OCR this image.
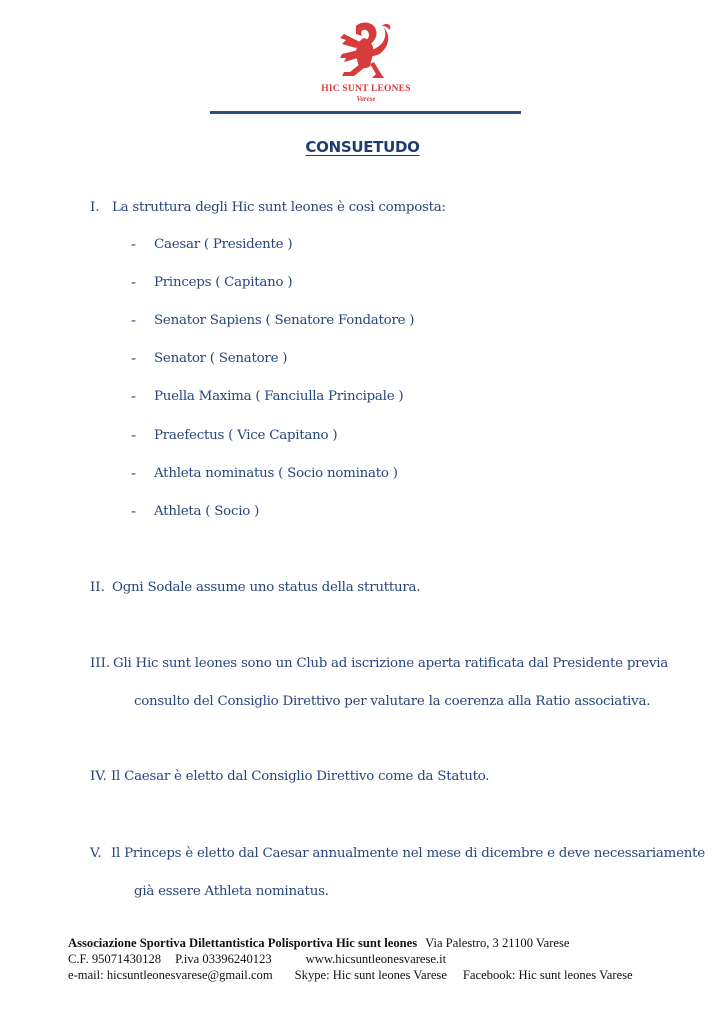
HIC SUNT LEONES
Varese
CONSUETUDO
I. La struttura degli Hic sunt leones è così composta:
- Caesar ( Presidente )
- Princeps ( Capitano )
- Senator Sapiens ( Senatore Fondatore )
- Senator ( Senatore )
- Puella Maxima ( Fanciulla Principale )
- Praefectus ( Vice Capitano )
- Athleta nominatus ( Socio nominato )
- Athleta ( Socio )
II. Ogni Sodale assume uno status della struttura.
III. Gli Hic sunt leones sono un Club ad iscrizione aperta ratificata dal Presidente previa
consulto del Consiglio Direttivo per valutare la coerenza alla Ratio associativa.
IV. Il Caesar è eletto dal Consiglio Direttivo come da Statuto.
V. Il Princeps è eletto dal Caesar annualmente nel mese di dicembre e deve necessariamente
già essere Athleta nominatus.
Associazione Sportiva Dilettantistica Polisportiva Hic sunt leones Via Palestro, 3 21100 Varese
C.F. 95071430128 P.iva 03396240123	www.hicsuntleonesvarese.it
e-mail: hicsuntleonesvarese@gmail.com Skype: Hic sunt leones Varese Facebook: Hic sunt leones Varese
